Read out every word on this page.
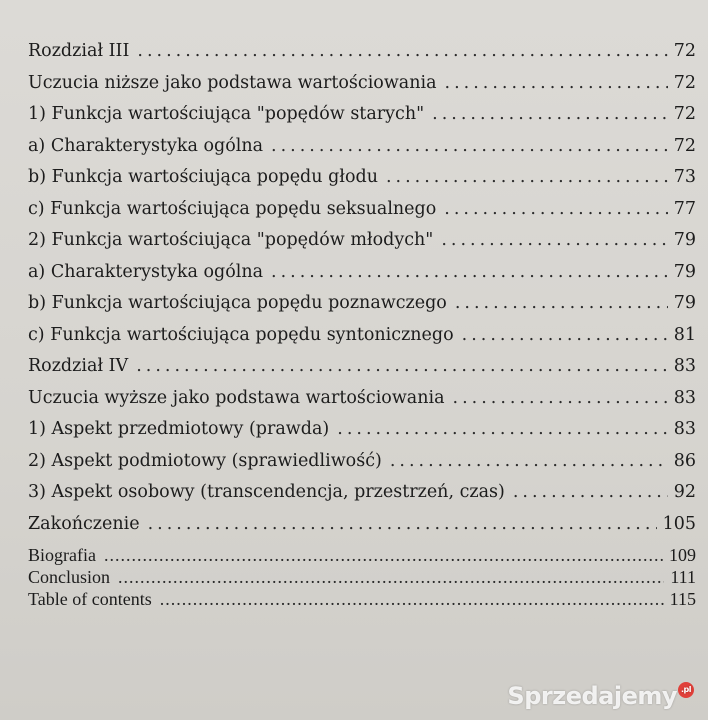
Rozdział III .....	72
Uczucia niższe jako podstawa wartościowania .....	72
1) Funkcja wartościująca "popędów starych" .....	72
a) Charakterystyka ogólna .....	72
b) Funkcja wartościująca popędu głodu .....	73
c) Funkcja wartościująca popędu seksualnego .....	77
2) Funkcja wartościująca "popędów młodych" .....	79
a) Charakterystyka ogólna .....	79
b) Funkcja wartościująca popędu poznawczego .....	79
c) Funkcja wartościująca popędu syntonicznego .....	81
Rozdział IV .....	83
Uczucia wyższe jako podstawa wartościowania .....	83
1) Aspekt przedmiotowy (prawda) .....	83
2) Aspekt podmiotowy (sprawiedliwość) .....	86
3) Aspekt osobowy (transcendencja, przestrzeń, czas) .....	92
Zakończenie .....	105
Biografia .....	109
Conclusion .....	111
Table of contents .....	115
Sprzedajemy .pl
